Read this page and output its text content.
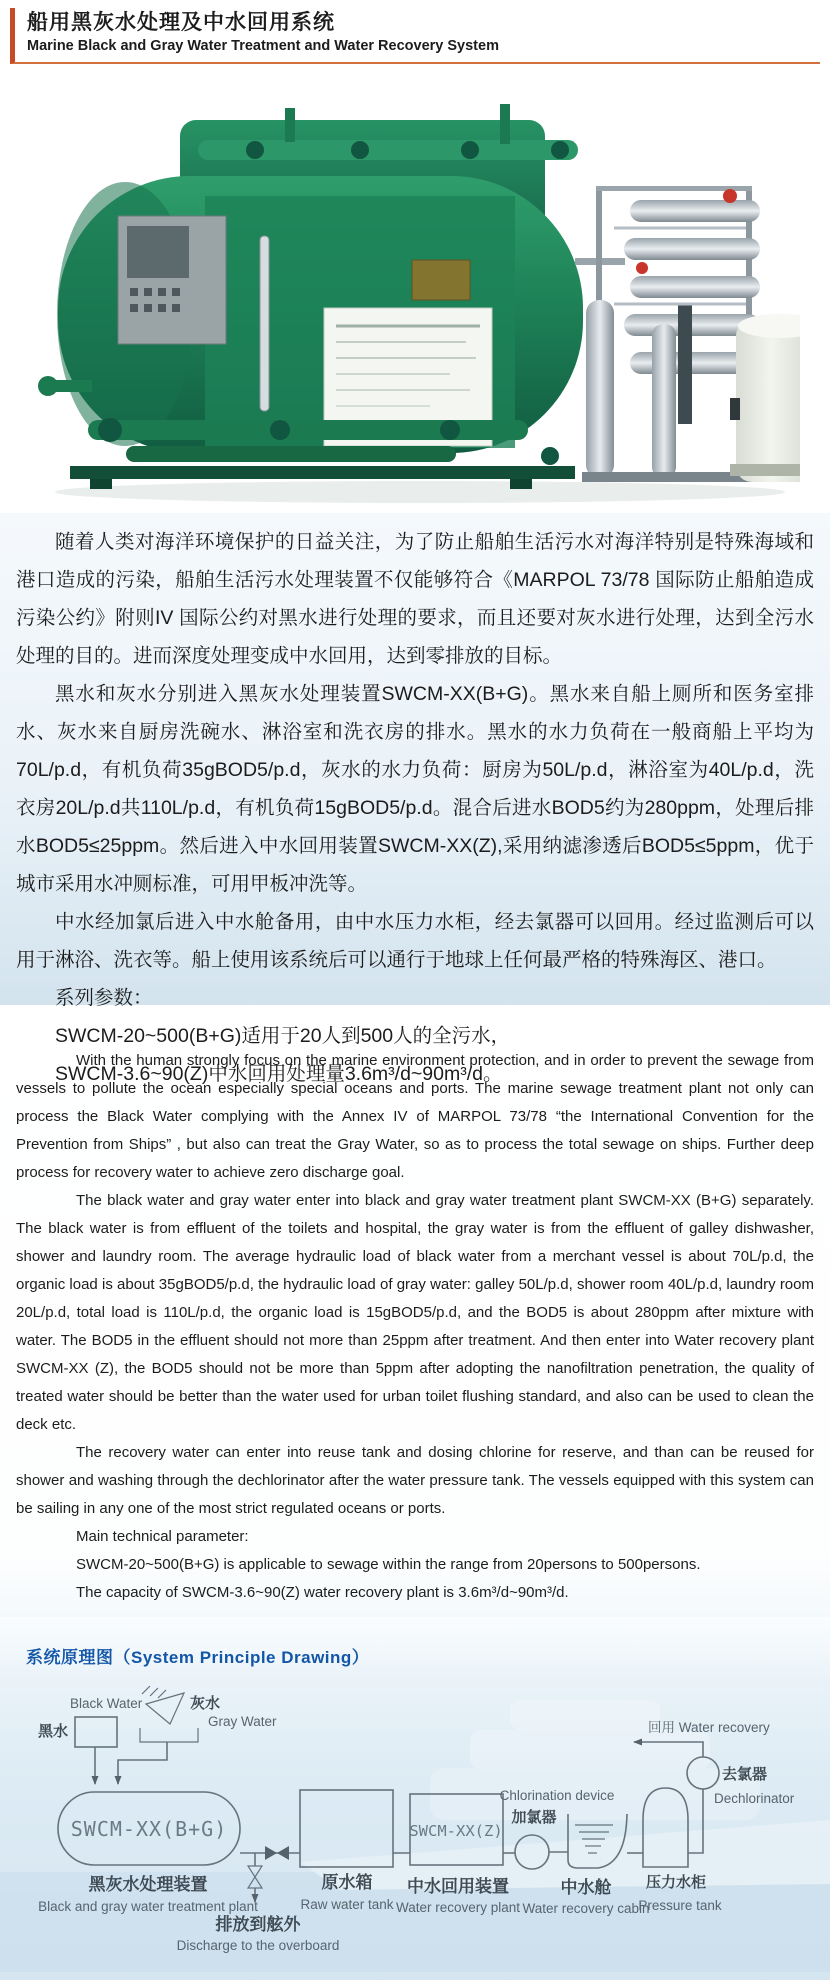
船用黑灰水处理及中水回用系统
Marine Black and Gray Water Treatment and Water Recovery System

随着人类对海洋环境保护的日益关注，为了防止船舶生活污水对海洋特别是特殊海域和港口造成的污染，船舶生活污水处理装置不仅能够符合《MARPOL 73/78 国际防止船舶造成污染公约》附则IV 国际公约对黑水进行处理的要求，而且还要对灰水进行处理，达到全污水处理的目的。进而深度处理变成中水回用，达到零排放的目标。

黑水和灰水分别进入黑灰水处理装置SWCM-XX(B+G)。黑水来自船上厕所和医务室排水、灰水来自厨房洗碗水、淋浴室和洗衣房的排水。黑水的水力负荷在一般商船上平均为70L/p.d，有机负荷35gBOD5/p.d，灰水的水力负荷：厨房为50L/p.d，淋浴室为40L/p.d，洗衣房20L/p.d共110L/p.d，有机负荷15gBOD5/p.d。混合后进水BOD5约为280ppm，处理后排水BOD5≤25ppm。然后进入中水回用装置SWCM-XX(Z),采用纳滤渗透后BOD5≤5ppm，优于城市采用水冲厕标准，可用甲板冲洗等。

中水经加氯后进入中水舱备用，由中水压力水柜，经去氯器可以回用。经过监测后可以用于淋浴、洗衣等。船上使用该系统后可以通行于地球上任何最严格的特殊海区、港口。

系列参数：

SWCM-20~500(B+G)适用于20人到500人的全污水，

SWCM-3.6~90(Z)中水回用处理量3.6m³/d~90m³/d。

With the human strongly focus on the marine environment protection, and in order to prevent the sewage from vessels to pollute the ocean especially special oceans and ports. The marine sewage treatment plant not only can process the Black Water complying with the Annex IV of MARPOL 73/78 “the International Convention for the Prevention from Ships” , but also can treat the Gray Water, so as to process the total sewage on ships. Further deep process for recovery water to achieve zero discharge goal.

The black water and gray water enter into black and gray water treatment plant SWCM-XX (B+G) separately. The black water is from effluent of the toilets and hospital, the gray water is from the effluent of galley dishwasher, shower and laundry room. The average hydraulic load of black water from a merchant vessel is about 70L/p.d, the organic load is about 35gBOD5/p.d, the hydraulic load of gray water: galley 50L/p.d, shower room 40L/p.d, laundry room 20L/p.d, total load is 110L/p.d, the organic load is 15gBOD5/p.d, and the BOD5 is about 280ppm after mixture with water. The BOD5 in the effluent should not more than 25ppm after treatment. And then enter into Water recovery plant SWCM-XX (Z), the BOD5 should not be more than 5ppm after adopting the nanofiltration penetration, the quality of treated water should be better than the water used for urban toilet flushing standard, and also can be used to clean the deck etc.

The recovery water can enter into reuse tank and dosing chlorine for reserve, and than can be reused for shower and washing through the dechlorinator after the water pressure tank. The vessels equipped with this system can be sailing in any one of the most strict regulated oceans or ports.

Main technical parameter:

SWCM-20~500(B+G) is applicable to sewage within the range from 20persons to 500persons.

The capacity of SWCM-3.6~90(Z) water recovery plant is 3.6m³/d~90m³/d.

系统原理图（System Principle Drawing）
Black Water
黑水
灰水
Gray Water
SWCM-XX(B+G)
黑灰水处理装置
Black and gray water treatment plant
排放到舷外
Discharge to the overboard
原水箱
Raw water tank
SWCM-XX(Z)
中水回用装置
Water recovery plant
Chlorination device
加氯器
中水舱
Water recovery cabin
压力水柜
Pressure tank
去氯器
Dechlorinator
回用 Water recovery
